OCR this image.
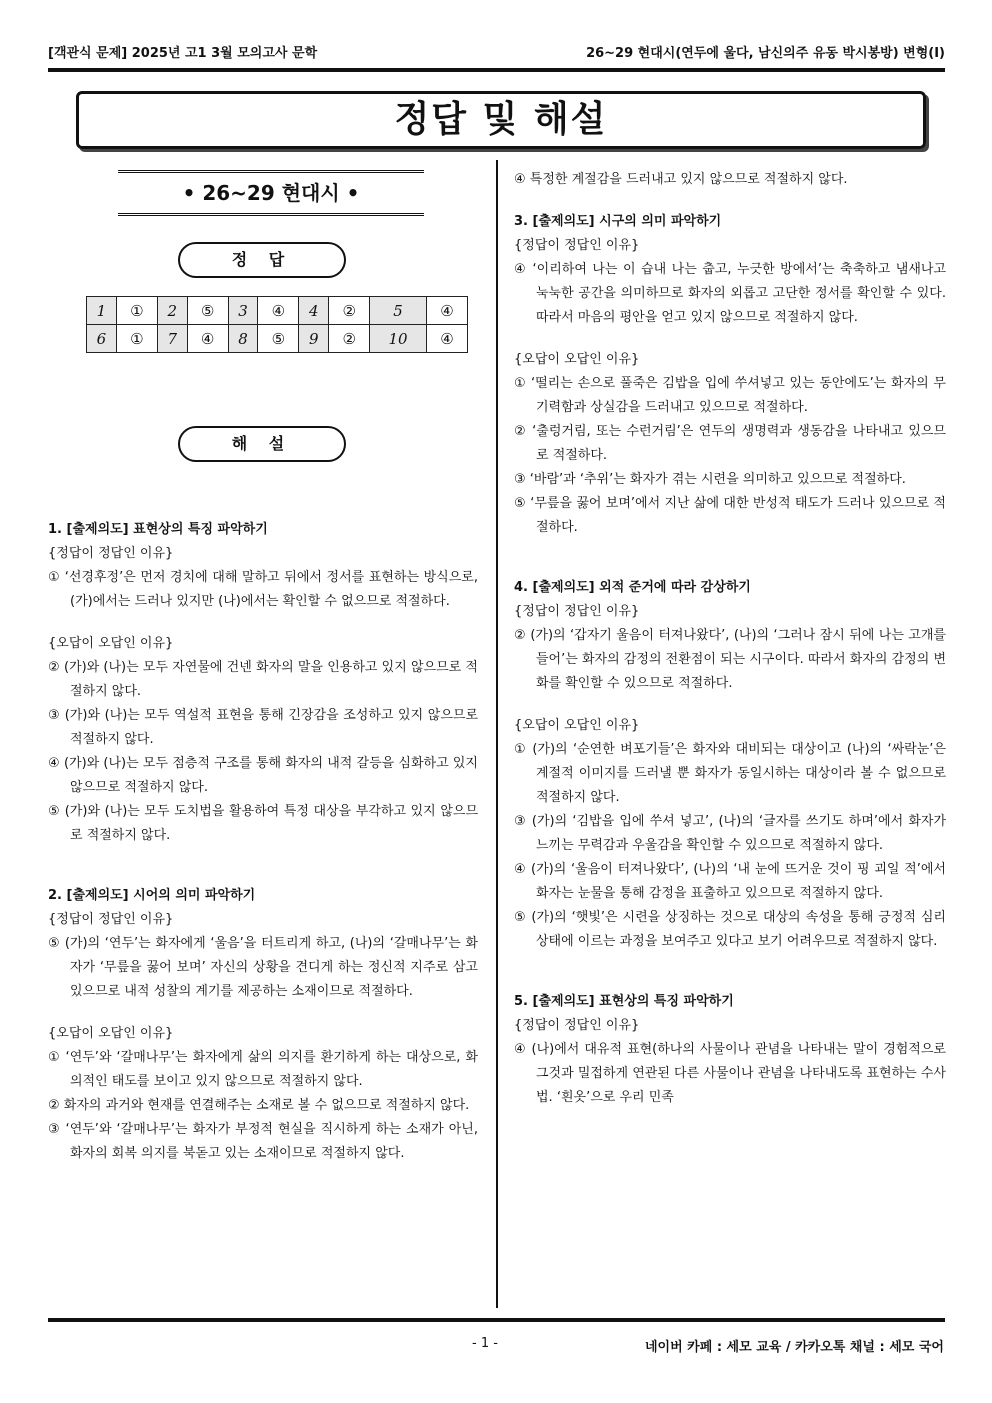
[객관식 문제] 2025년 고1 3월 모의고사 문학	26~29 현대시(연두에 울다, 남신의주 유동 박시봉방) 변형(I)
정답 및 해설
• 26~29 현대시 •
정 답
1	①	2	⑤	3	④	4	②	5	④
6	①	7	④	8	⑤	9	②	10	④
해 설
1. [출제의도] 표현상의 특징 파악하기
{정답이 정답인 이유}
① ‘선경후정’은 먼저 경치에 대해 말하고 뒤에서 정서를 표현하는 방식으로, (가)에서는 드러나 있지만 (나)에서는 확인할 수 없으므로 적절하다.
{오답이 오답인 이유}
② (가)와 (나)는 모두 자연물에 건넨 화자의 말을 인용하고 있지 않으므로 적절하지 않다.
③ (가)와 (나)는 모두 역설적 표현을 통해 긴장감을 조성하고 있지 않으므로 적절하지 않다.
④ (가)와 (나)는 모두 점층적 구조를 통해 화자의 내적 갈등을 심화하고 있지 않으므로 적절하지 않다.
⑤ (가)와 (나)는 모두 도치법을 활용하여 특정 대상을 부각하고 있지 않으므로 적절하지 않다.
2. [출제의도] 시어의 의미 파악하기
{정답이 정답인 이유}
⑤ (가)의 ‘연두’는 화자에게 ‘울음’을 터트리게 하고, (나)의 ‘갈매나무’는 화자가 ‘무릎을 꿇어 보며’ 자신의 상황을 견디게 하는 정신적 지주로 삼고 있으므로 내적 성찰의 계기를 제공하는 소재이므로 적절하다.
{오답이 오답인 이유}
① ‘연두’와 ‘갈매나무’는 화자에게 삶의 의지를 환기하게 하는 대상으로, 화의적인 태도를 보이고 있지 않으므로 적절하지 않다.
② 화자의 과거와 현재를 연결해주는 소재로 볼 수 없으므로 적절하지 않다.
③ ‘연두’와 ‘갈매나무’는 화자가 부정적 현실을 직시하게 하는 소재가 아닌, 화자의 회복 의지를 북돋고 있는 소재이므로 적절하지 않다.
④ 특정한 계절감을 드러내고 있지 않으므로 적절하지 않다.
3. [출제의도] 시구의 의미 파악하기
{정답이 정답인 이유}
④ ‘이리하여 나는 이 습내 나는 춥고, 누긋한 방에서’는 축축하고 냄새나고 눅눅한 공간을 의미하므로 화자의 외롭고 고단한 정서를 확인할 수 있다. 따라서 마음의 평안을 얻고 있지 않으므로 적절하지 않다.
{오답이 오답인 이유}
① ‘떨리는 손으로 풀죽은 김밥을 입에 쑤셔넣고 있는 동안에도’는 화자의 무기력함과 상실감을 드러내고 있으므로 적절하다.
② ‘출렁거림, 또는 수런거림’은 연두의 생명력과 생동감을 나타내고 있으므로 적절하다.
③ ‘바람’과 ‘추위’는 화자가 겪는 시련을 의미하고 있으므로 적절하다.
⑤ ‘무릎을 꿇어 보며’에서 지난 삶에 대한 반성적 태도가 드러나 있으므로 적절하다.
4. [출제의도] 외적 준거에 따라 감상하기
{정답이 정답인 이유}
② (가)의 ‘갑자기 울음이 터져나왔다’, (나)의 ‘그러나 잠시 뒤에 나는 고개를 들어’는 화자의 감정의 전환점이 되는 시구이다. 따라서 화자의 감정의 변화를 확인할 수 있으므로 적절하다.
{오답이 오답인 이유}
① (가)의 ‘순연한 벼포기들’은 화자와 대비되는 대상이고 (나)의 ‘싸락눈’은 계절적 이미지를 드러낼 뿐 화자가 동일시하는 대상이라 볼 수 없으므로 적절하지 않다.
③ (가)의 ‘김밥을 입에 쑤셔 넣고’, (나)의 ‘글자를 쓰기도 하며’에서 화자가 느끼는 무력감과 우울감을 확인할 수 있으므로 적절하지 않다.
④ (가)의 ‘울음이 터져나왔다’, (나)의 ‘내 눈에 뜨거운 것이 핑 괴일 적’에서 화자는 눈물을 통해 감정을 표출하고 있으므로 적절하지 않다.
⑤ (가)의 ‘햇빛’은 시련을 상징하는 것으로 대상의 속성을 통해 긍정적 심리 상태에 이르는 과정을 보여주고 있다고 보기 어려우므로 적절하지 않다.
5. [출제의도] 표현상의 특징 파악하기
{정답이 정답인 이유}
④ (나)에서 대유적 표현(하나의 사물이나 관념을 나타내는 말이 경험적으로 그것과 밀접하게 연관된 다른 사물이나 관념을 나타내도록 표현하는 수사법. ‘흰옷’으로 우리 민족
- 1 -	네이버 카페 : 세모 교육 / 카카오톡 채널 : 세모 국어
